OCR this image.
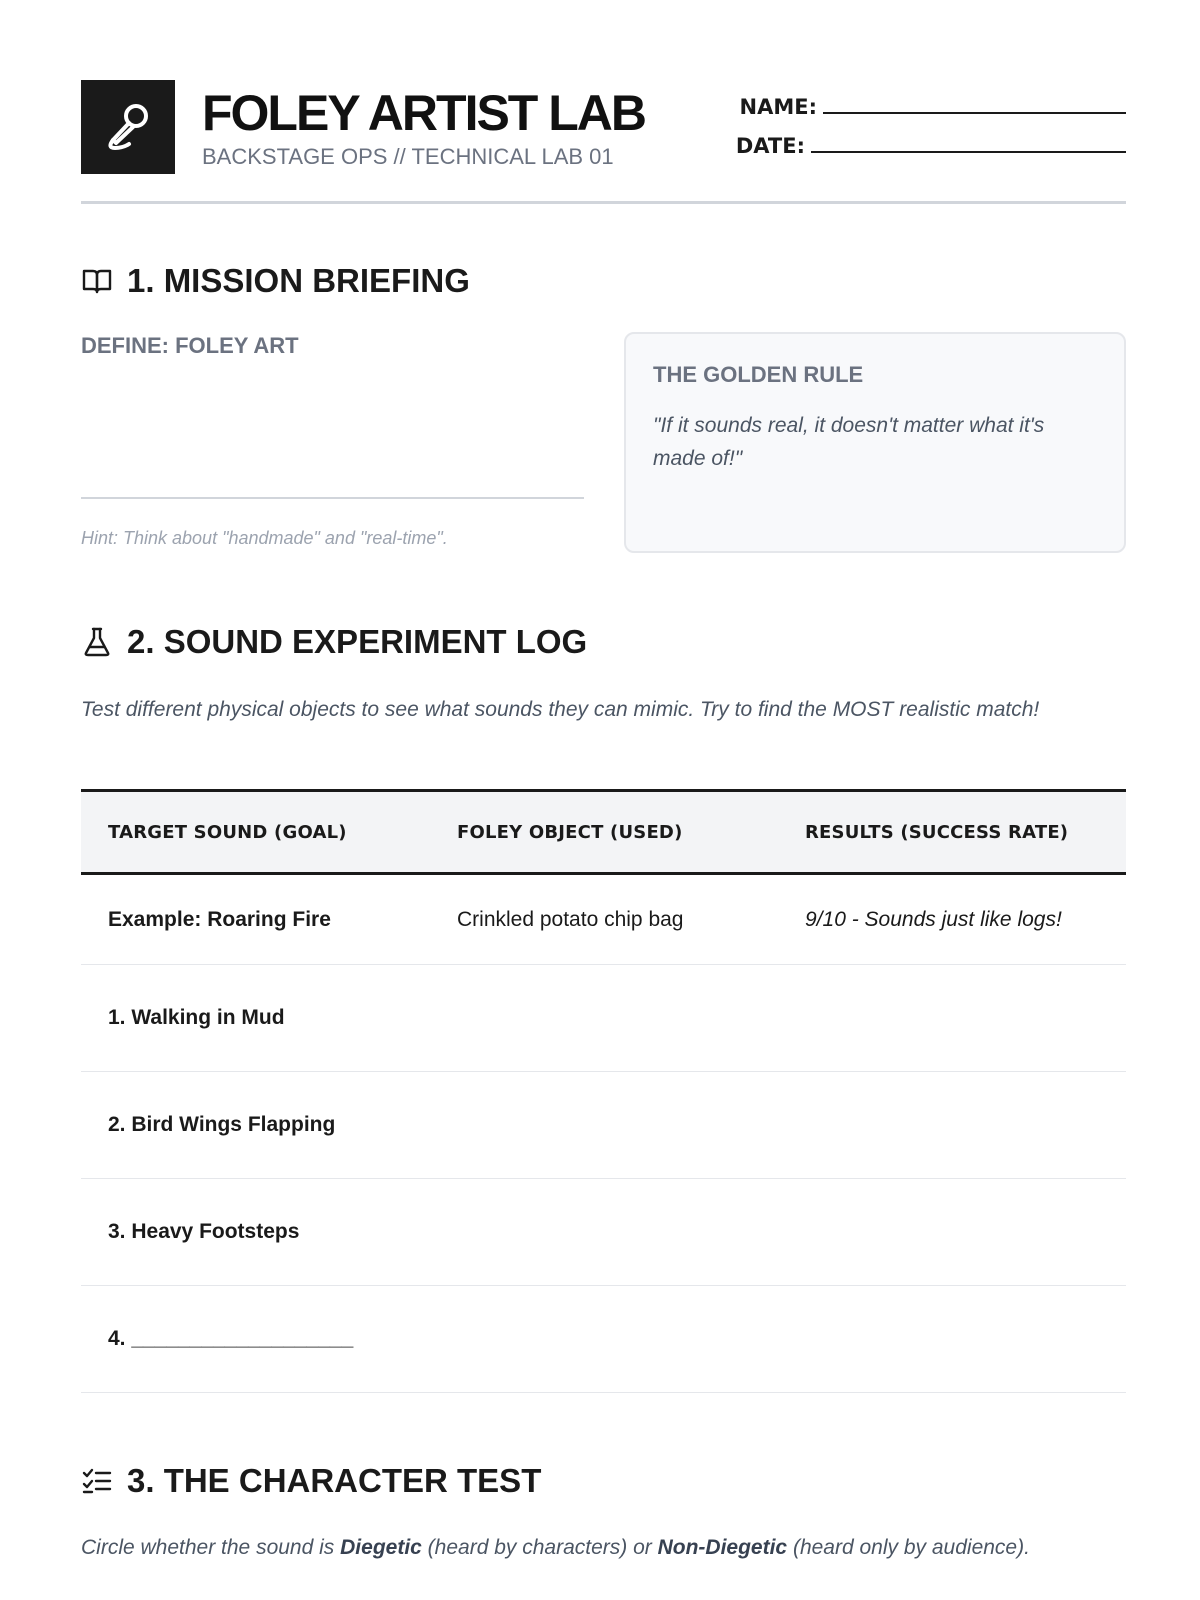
FOLEY ARTIST LAB
BACKSTAGE OPS // TECHNICAL LAB 01
NAME:
DATE:
1. MISSION BRIEFING
DEFINE: FOLEY ART
Hint: Think about "handmade" and "real-time".
THE GOLDEN RULE
"If it sounds real, it doesn't matter what it's made of!"
2. SOUND EXPERIMENT LOG
Test different physical objects to see what sounds they can mimic. Try to find the MOST realistic match!
TARGET SOUND (GOAL)	FOLEY OBJECT (USED)	RESULTS (SUCCESS RATE)
Example: Roaring Fire	Crinkled potato chip bag	9/10 - Sounds just like logs!
1. Walking in Mud
2. Bird Wings Flapping
3. Heavy Footsteps
4. ___________________
3. THE CHARACTER TEST
Circle whether the sound is Diegetic (heard by characters) or Non-Diegetic (heard only by audience).
